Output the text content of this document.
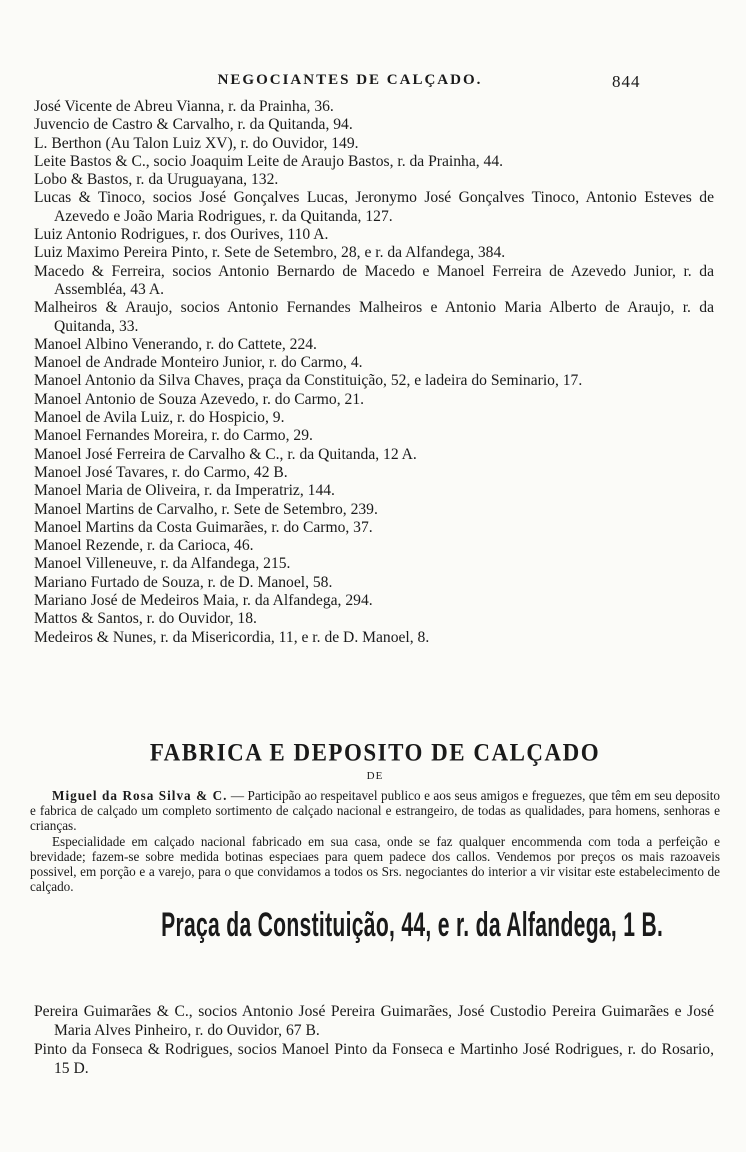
NEGOCIANTES DE CALÇADO.	844

José Vicente de Abreu Vianna, r. da Prainha, 36.

Juvencio de Castro & Carvalho, r. da Quitanda, 94.

L. Berthon (Au Talon Luiz XV), r. do Ouvidor, 149.

Leite Bastos & C., socio Joaquim Leite de Araujo Bastos, r. da Prainha, 44.

Lobo & Bastos, r. da Uruguayana, 132.

Lucas & Tinoco, socios José Gonçalves Lucas, Jeronymo José Gonçalves Tinoco, Antonio Esteves de Azevedo e João Maria Rodrigues, r. da Quitanda, 127.

Luiz Antonio Rodrigues, r. dos Ourives, 110 A.

Luiz Maximo Pereira Pinto, r. Sete de Setembro, 28, e r. da Alfandega, 384.

Macedo & Ferreira, socios Antonio Bernardo de Macedo e Manoel Ferreira de Azevedo Junior, r. da Assembléa, 43 A.

Malheiros & Araujo, socios Antonio Fernandes Malheiros e Antonio Maria Alberto de Araujo, r. da Quitanda, 33.

Manoel Albino Venerando, r. do Cattete, 224.

Manoel de Andrade Monteiro Junior, r. do Carmo, 4.

Manoel Antonio da Silva Chaves, praça da Constituição, 52, e ladeira do Seminario, 17.

Manoel Antonio de Souza Azevedo, r. do Carmo, 21.

Manoel de Avila Luiz, r. do Hospicio, 9.

Manoel Fernandes Moreira, r. do Carmo, 29.

Manoel José Ferreira de Carvalho & C., r. da Quitanda, 12 A.

Manoel José Tavares, r. do Carmo, 42 B.

Manoel Maria de Oliveira, r. da Imperatriz, 144.

Manoel Martins de Carvalho, r. Sete de Setembro, 239.

Manoel Martins da Costa Guimarães, r. do Carmo, 37.

Manoel Rezende, r. da Carioca, 46.

Manoel Villeneuve, r. da Alfandega, 215.

Mariano Furtado de Souza, r. de D. Manoel, 58.

Mariano José de Medeiros Maia, r. da Alfandega, 294.

Mattos & Santos, r. do Ouvidor, 18.

Medeiros & Nunes, r. da Misericordia, 11, e r. de D. Manoel, 8.

FABRICA E DEPOSITO DE CALÇADO
DE

Miguel da Rosa Silva & C. — Participão ao respeitavel publico e aos seus amigos e freguezes, que têm em seu deposito e fabrica de calçado um completo sortimento de calçado nacional e estrangeiro, de todas as qualidades, para homens, senhoras e crianças.

Especialidade em calçado nacional fabricado em sua casa, onde se faz qualquer encommenda com toda a perfeição e brevidade; fazem-se sobre medida botinas especiaes para quem padece dos callos. Vendemos por preços os mais razoaveis possivel, em porção e a varejo, para o que convidamos a todos os Srs. negociantes do interior a vir visitar este estabelecimento de calçado.

Praça da Constituição, 44, e r. da Alfandega, 1 B.

Pereira Guimarães & C., socios Antonio José Pereira Guimarães, José Custodio Pereira Guimarães e José Maria Alves Pinheiro, r. do Ouvidor, 67 B.

Pinto da Fonseca & Rodrigues, socios Manoel Pinto da Fonseca e Martinho José Rodrigues, r. do Rosario, 15 D.
